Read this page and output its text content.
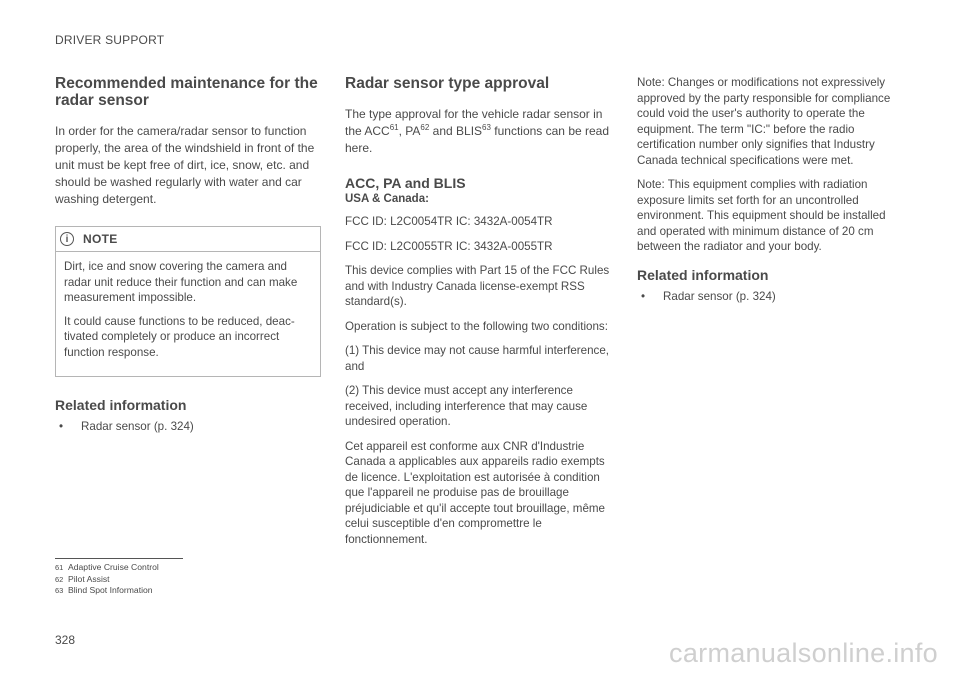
DRIVER SUPPORT
Recommended maintenance for the radar sensor

In order for the camera/radar sensor to function properly, the area of the windshield in front of the unit must be kept free of dirt, ice, snow, etc. and should be washed regularly with water and car washing detergent.

i	NOTE

Dirt, ice and snow covering the camera and radar unit reduce their function and can make measurement impossible.

It could cause functions to be reduced, deac-tivated completely or produce an incorrect function response.

Related information
•	Radar sensor (p. 324)
Radar sensor type approval

The type approval for the vehicle radar sensor in the ACC$^{61}$, PA$^{62}$ and BLIS$^{63}$ functions can be read here.

ACC, PA and BLIS
USA & Canada:

FCC ID: L2C0054TR IC: 3432A-0054TR

FCC ID: L2C0055TR IC: 3432A-0055TR

This device complies with Part 15 of the FCC Rules and with Industry Canada license-exempt RSS standard(s).

Operation is subject to the following two conditions:

(1) This device may not cause harmful interference, and

(2) This device must accept any interference received, including interference that may cause undesired operation.

Cet appareil est conforme aux CNR d'Industrie Canada a applicables aux appareils radio exempts de licence. L'exploitation est autorisée à condition que l'appareil ne produise pas de brouillage préjudiciable et qu'il accepte tout brouillage, même celui susceptible d'en compromettre le fonctionnement.

Note: Changes or modifications not expressively approved by the party responsible for compliance could void the user's authority to operate the equipment. The term "IC:" before the radio certification number only signifies that Industry Canada technical specifications were met.

Note: This equipment complies with radiation exposure limits set forth for an uncontrolled environment. This equipment should be installed and operated with minimum distance of 20 cm between the radiator and your body.

Related information
•	Radar sensor (p. 324)
61 Adaptive Cruise Control
62 Pilot Assist
63 Blind Spot Information
328	carmanualsonline.info
